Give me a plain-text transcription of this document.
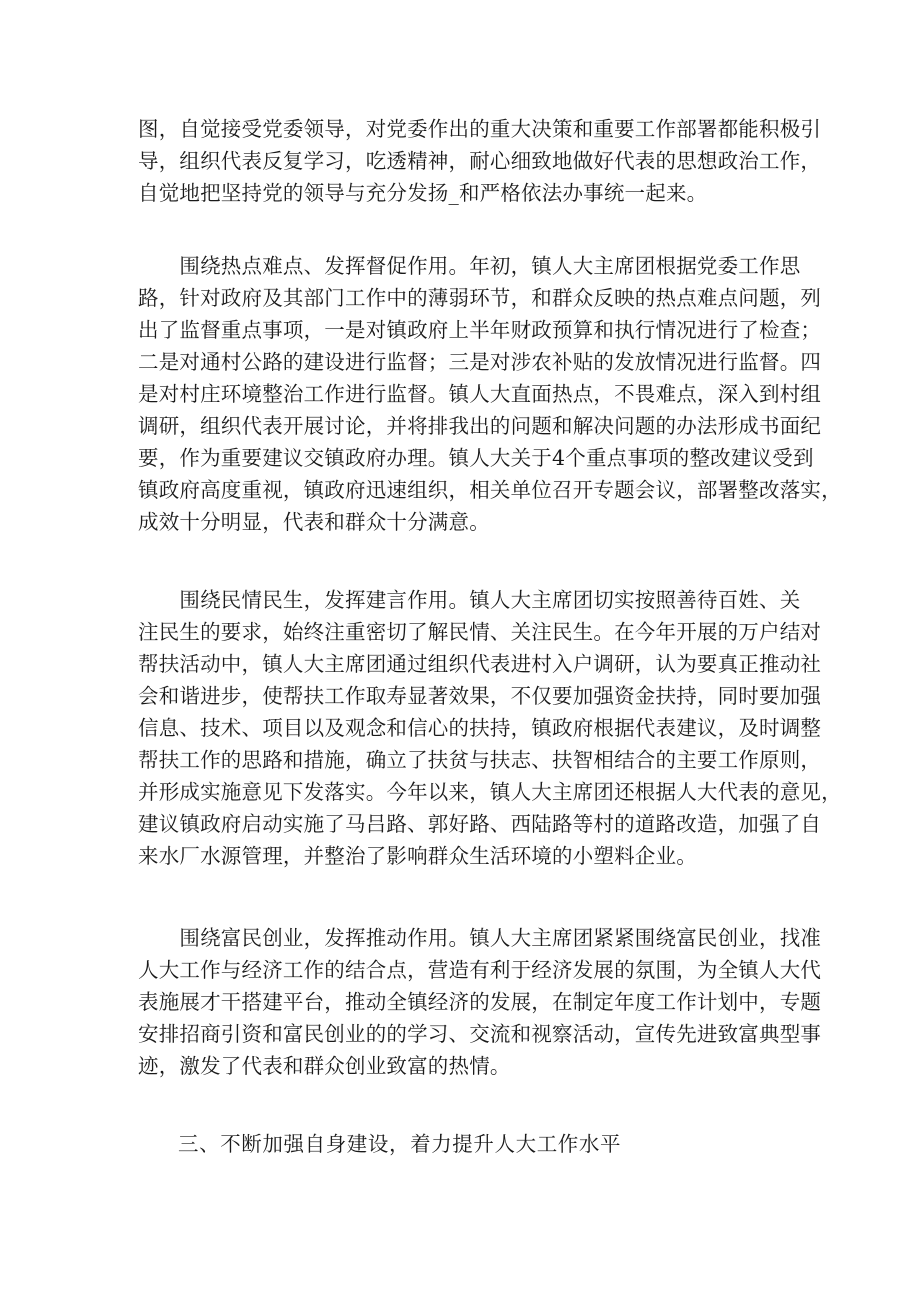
图，自觉接受党委领导，对党委作出的重大决策和重要工作部署都能积极引
导，组织代表反复学习，吃透精神，耐心细致地做好代表的思想政治工作，
自觉地把坚持党的领导与充分发扬_和严格依法办事统一起来。
　　围绕热点难点、发挥督促作用。年初，镇人大主席团根据党委工作思
路，针对政府及其部门工作中的薄弱环节，和群众反映的热点难点问题，列
出了监督重点事项，一是对镇政府上半年财政预算和执行情况进行了检查；
二是对通村公路的建设进行监督；三是对涉农补贴的发放情况进行监督。四
是对村庄环境整治工作进行监督。镇人大直面热点，不畏难点，深入到村组
调研，组织代表开展讨论，并将排我出的问题和解决问题的办法形成书面纪
要，作为重要建议交镇政府办理。镇人大关于4个重点事项的整改建议受到
镇政府高度重视，镇政府迅速组织，相关单位召开专题会议，部署整改落实，
成效十分明显，代表和群众十分满意。
　　围绕民情民生，发挥建言作用。镇人大主席团切实按照善待百姓、关
注民生的要求，始终注重密切了解民情、关注民生。在今年开展的万户结对
帮扶活动中，镇人大主席团通过组织代表进村入户调研，认为要真正推动社
会和谐进步，使帮扶工作取寿显著效果，不仅要加强资金扶持，同时要加强
信息、技术、项目以及观念和信心的扶持，镇政府根据代表建议，及时调整
帮扶工作的思路和措施，确立了扶贫与扶志、扶智相结合的主要工作原则，
并形成实施意见下发落实。今年以来，镇人大主席团还根据人大代表的意见，
建议镇政府启动实施了马吕路、郭好路、西陆路等村的道路改造，加强了自
来水厂水源管理，并整治了影响群众生活环境的小塑料企业。
　　围绕富民创业，发挥推动作用。镇人大主席团紧紧围绕富民创业，找准
人大工作与经济工作的结合点，营造有利于经济发展的氛围，为全镇人大代
表施展才干搭建平台，推动全镇经济的发展，在制定年度工作计划中，专题
安排招商引资和富民创业的的学习、交流和视察活动，宣传先进致富典型事
迹，激发了代表和群众创业致富的热情。
三、不断加强自身建设，着力提升人大工作水平
